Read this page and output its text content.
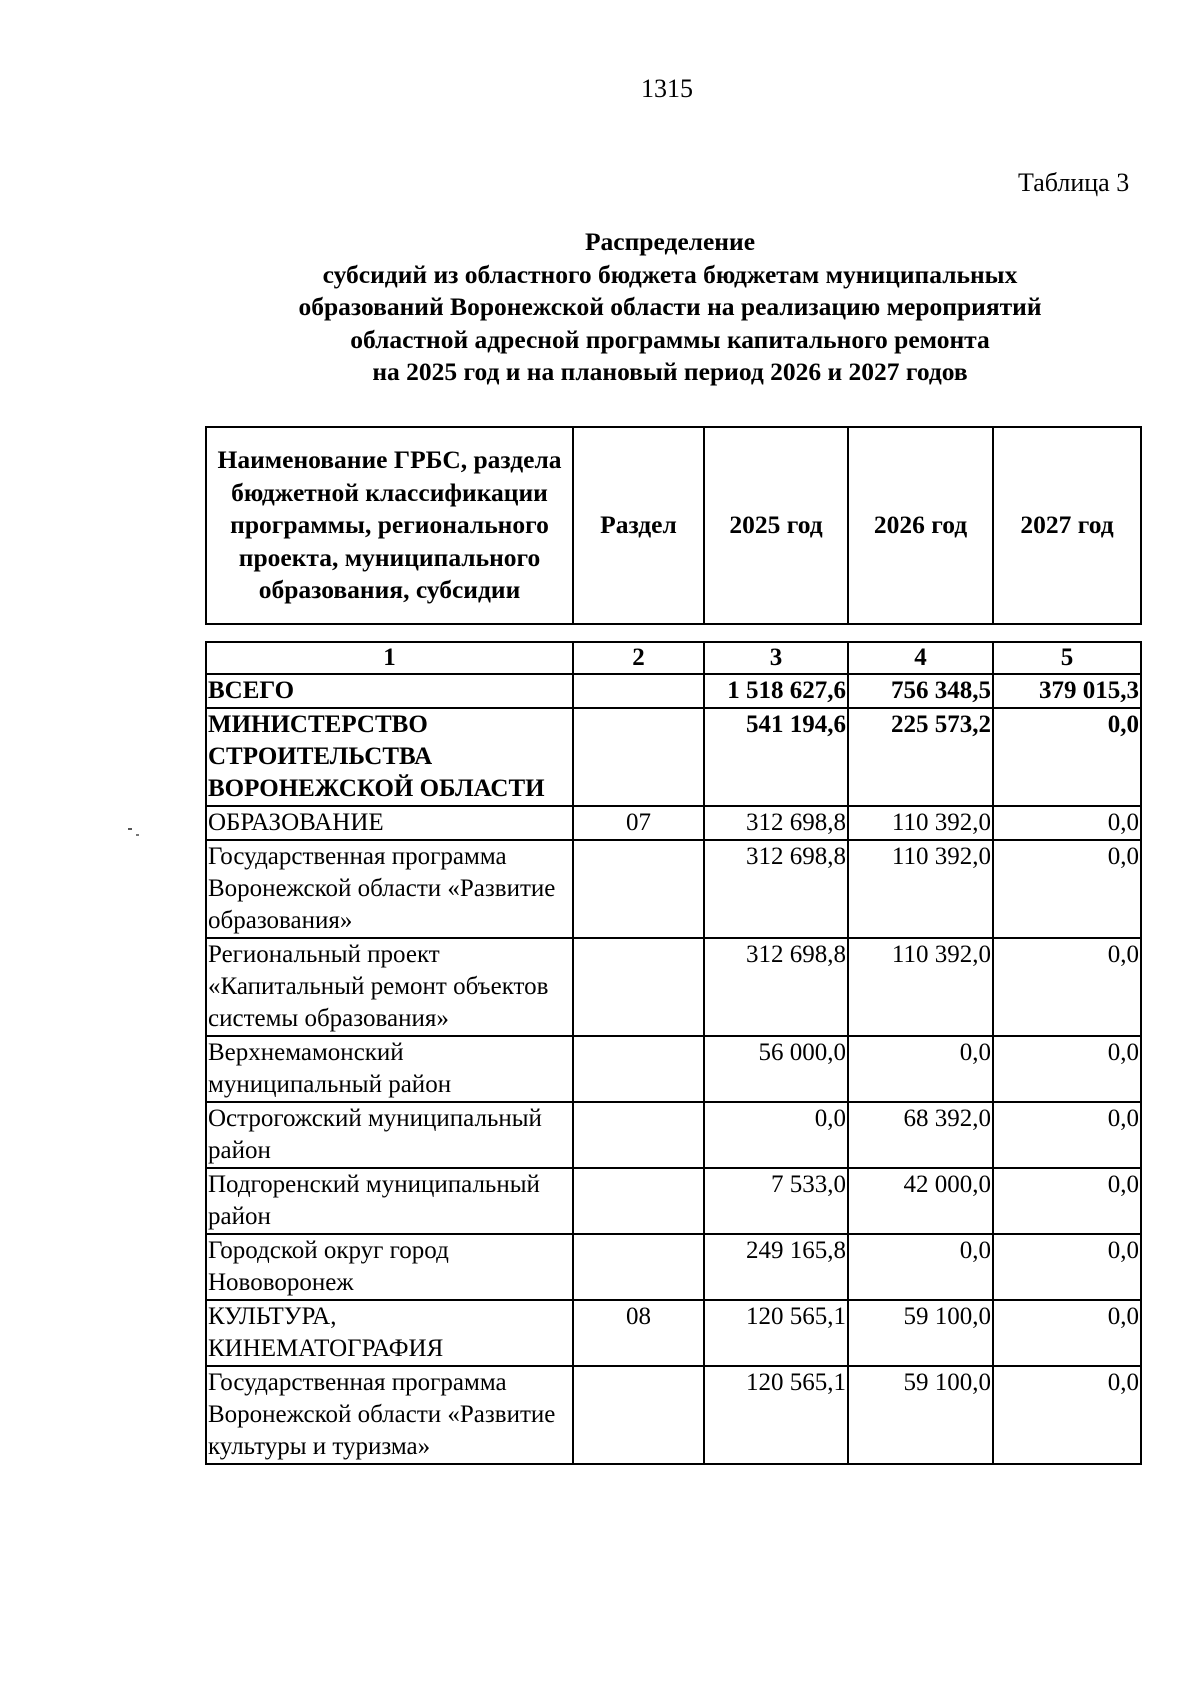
1315
Таблица 3
Распределение
субсидий из областного бюджета бюджетам муниципальных
образований Воронежской области на реализацию мероприятий
областной адресной программы капитального ремонта
на 2025 год и на плановый период 2026 и 2027 годов
Наименование ГРБС, раздела бюджетной классификации программы, регионального проекта, муниципального образования, субсидии	Раздел	2025 год	2026 год	2027 год
1	2	3	4	5
ВСЕГО		1 518 627,6	756 348,5	379 015,3
МИНИСТЕРСТВО СТРОИТЕЛЬСТВА ВОРОНЕЖСКОЙ ОБЛАСТИ		541 194,6	225 573,2	0,0
ОБРАЗОВАНИЕ	07	312 698,8	110 392,0	0,0
Государственная программа Воронежской области «Развитие образования»		312 698,8	110 392,0	0,0
Региональный проект «Капитальный ремонт объектов системы образования»		312 698,8	110 392,0	0,0
Верхнемамонский муниципальный район		56 000,0	0,0	0,0
Острогожский муниципальный район		0,0	68 392,0	0,0
Подгоренский муниципальный район		7 533,0	42 000,0	0,0
Городской округ город Нововоронеж		249 165,8	0,0	0,0
КУЛЬТУРА, КИНЕМАТОГРАФИЯ	08	120 565,1	59 100,0	0,0
Государственная программа Воронежской области «Развитие культуры и туризма»		120 565,1	59 100,0	0,0
